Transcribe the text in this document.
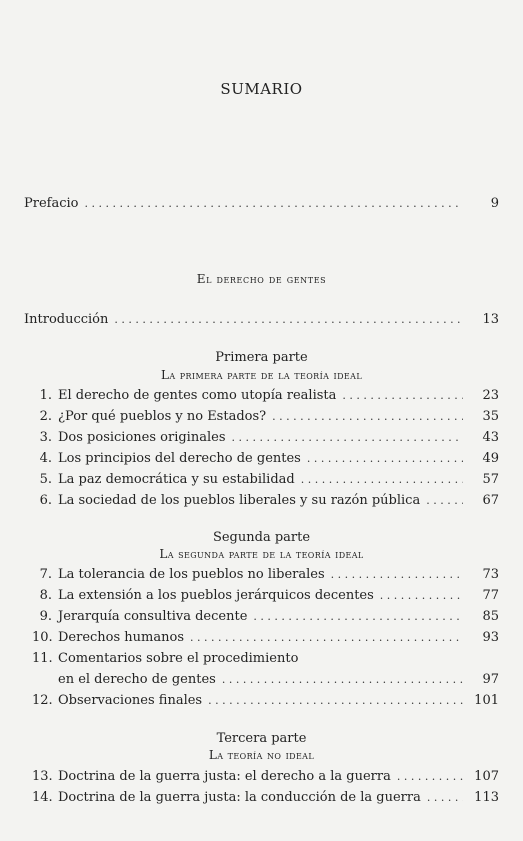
SUMARIO
Prefacio . . .	9
El derecho de gentes
Introducción . . .	13
Primera parte
La primera parte de la teoría ideal
1. El derecho de gentes como utopía realista . . .	23
2. ¿Por qué pueblos y no Estados? . . .	35
3. Dos posiciones originales . . .	43
4. Los principios del derecho de gentes . . .	49
5. La paz democrática y su estabilidad . . .	57
6. La sociedad de los pueblos liberales y su razón pública . . .	67
Segunda parte
La segunda parte de la teoría ideal
7. La tolerancia de los pueblos no liberales . . .	73
8. La extensión a los pueblos jerárquicos decentes . . .	77
9. Jerarquía consultiva decente . . .	85
10. Derechos humanos . . .	93
11. Comentarios sobre el procedimiento
en el derecho de gentes . . .	97
12. Observaciones finales . . .	101
Tercera parte
La teoría no ideal
13. Doctrina de la guerra justa: el derecho a la guerra . . .	107
14. Doctrina de la guerra justa: la conducción de la guerra . . .	113
